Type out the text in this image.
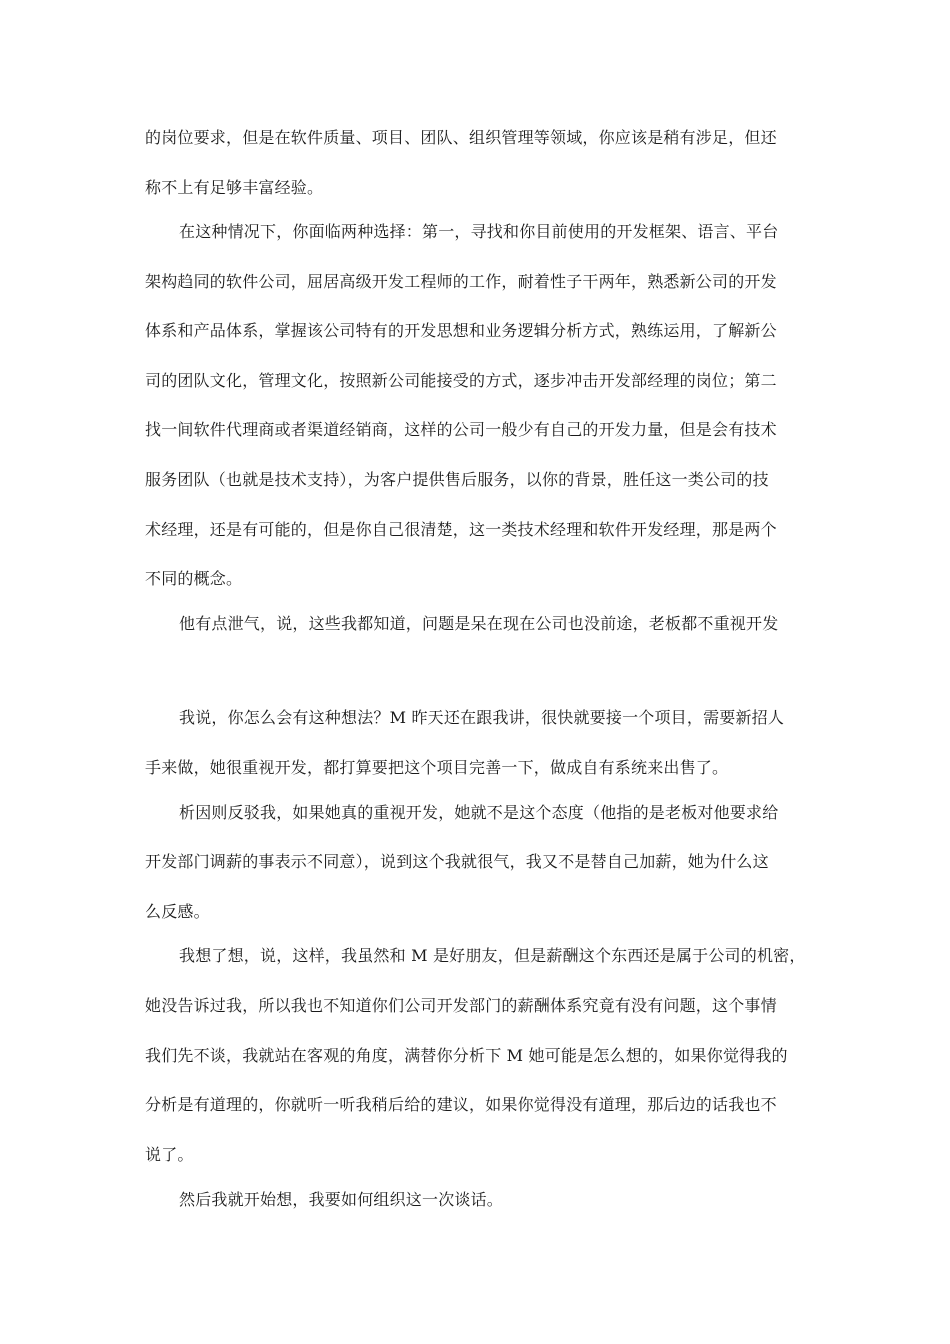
的岗位要求，但是在软件质量、项目、团队、组织管理等领域，你应该是稍有涉足，但还
称不上有足够丰富经验。
在这种情况下，你面临两种选择：第一，寻找和你目前使用的开发框架、语言、平台
架构趋同的软件公司，屈居高级开发工程师的工作，耐着性子干两年，熟悉新公司的开发
体系和产品体系，掌握该公司特有的开发思想和业务逻辑分析方式，熟练运用，了解新公
司的团队文化，管理文化，按照新公司能接受的方式，逐步冲击开发部经理的岗位；第二
找一间软件代理商或者渠道经销商，这样的公司一般少有自己的开发力量，但是会有技术
服务团队（也就是技术支持），为客户提供售后服务，以你的背景，胜任这一类公司的技
术经理，还是有可能的，但是你自己很清楚，这一类技术经理和软件开发经理，那是两个
不同的概念。
他有点泄气，说，这些我都知道，问题是呆在现在公司也没前途，老板都不重视开发
我说，你怎么会有这种想法？M 昨天还在跟我讲，很快就要接一个项目，需要新招人
手来做，她很重视开发，都打算要把这个项目完善一下，做成自有系统来出售了。
析因则反驳我，如果她真的重视开发，她就不是这个态度（他指的是老板对他要求给
开发部门调薪的事表示不同意），说到这个我就很气，我又不是替自己加薪，她为什么这
么反感。
我想了想，说，这样，我虽然和 M 是好朋友，但是薪酬这个东西还是属于公司的机密，
她没告诉过我，所以我也不知道你们公司开发部门的薪酬体系究竟有没有问题，这个事情
我们先不谈，我就站在客观的角度，满替你分析下 M 她可能是怎么想的，如果你觉得我的
分析是有道理的，你就听一听我稍后给的建议，如果你觉得没有道理，那后边的话我也不
说了。
然后我就开始想，我要如何组织这一次谈话。
